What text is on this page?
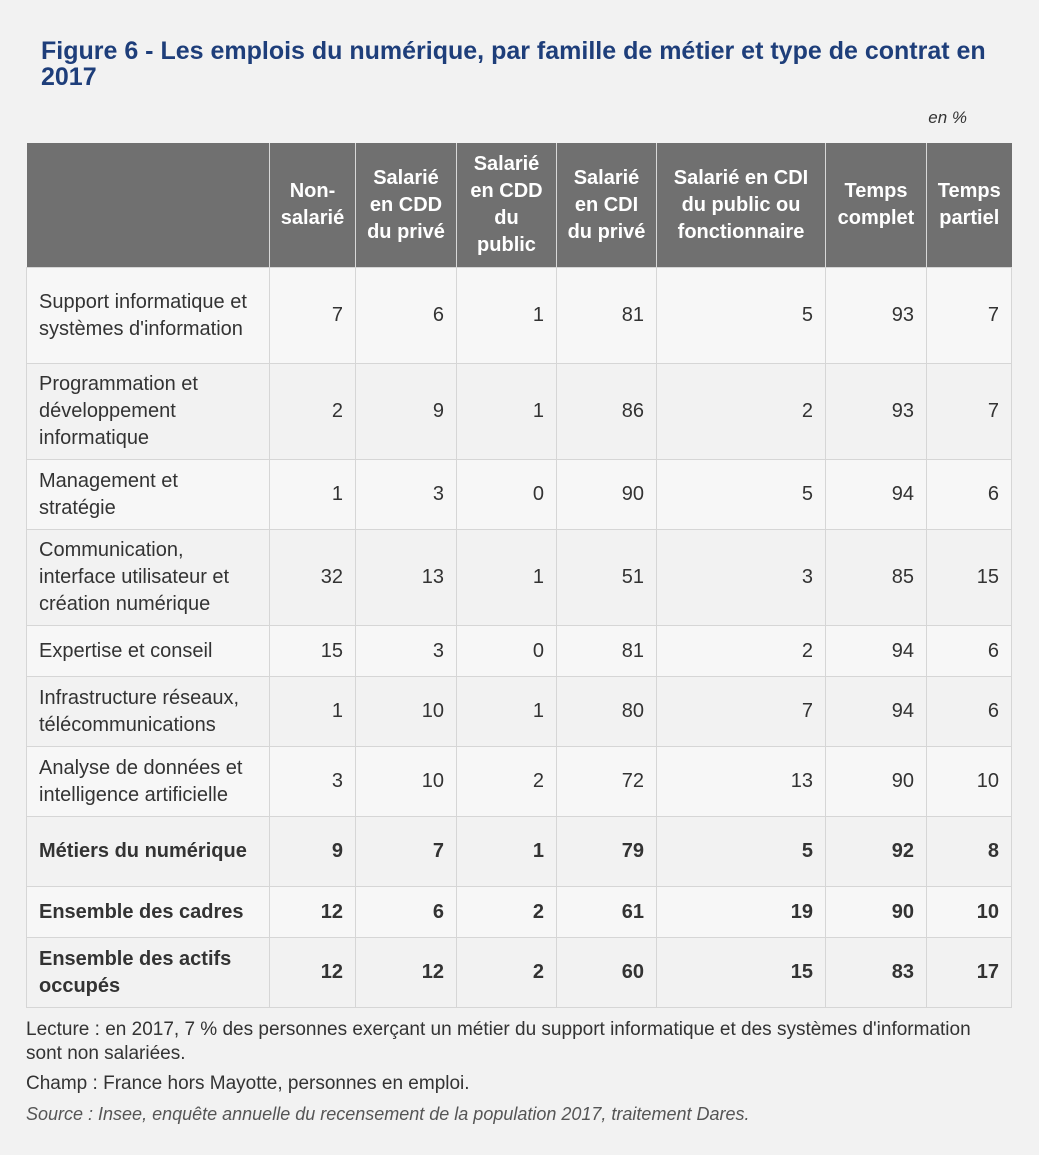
Figure 6 - Les emplois du numérique, par famille de métier et type de contrat en 2017
en %
	Non-salarié	Salarié en CDD du privé	Salarié en CDD du public	Salarié en CDI du privé	Salarié en CDI du public ou fonctionnaire	Temps complet	Temps partiel
Support informatique et systèmes d'information	7	6	1	81	5	93	7
Programmation et développement informatique	2	9	1	86	2	93	7
Management et stratégie	1	3	0	90	5	94	6
Communication, interface utilisateur et création numérique	32	13	1	51	3	85	15
Expertise et conseil	15	3	0	81	2	94	6
Infrastructure réseaux, télécommunications	1	10	1	80	7	94	6
Analyse de données et intelligence artificielle	3	10	2	72	13	90	10
Métiers du numérique	9	7	1	79	5	92	8
Ensemble des cadres	12	6	2	61	19	90	10
Ensemble des actifs occupés	12	12	2	60	15	83	17

Lecture : en 2017, 7 % des personnes exerçant un métier du support informatique et des systèmes d'information sont non salariées.

Champ : France hors Mayotte, personnes en emploi.

Source : Insee, enquête annuelle du recensement de la population 2017, traitement Dares.
